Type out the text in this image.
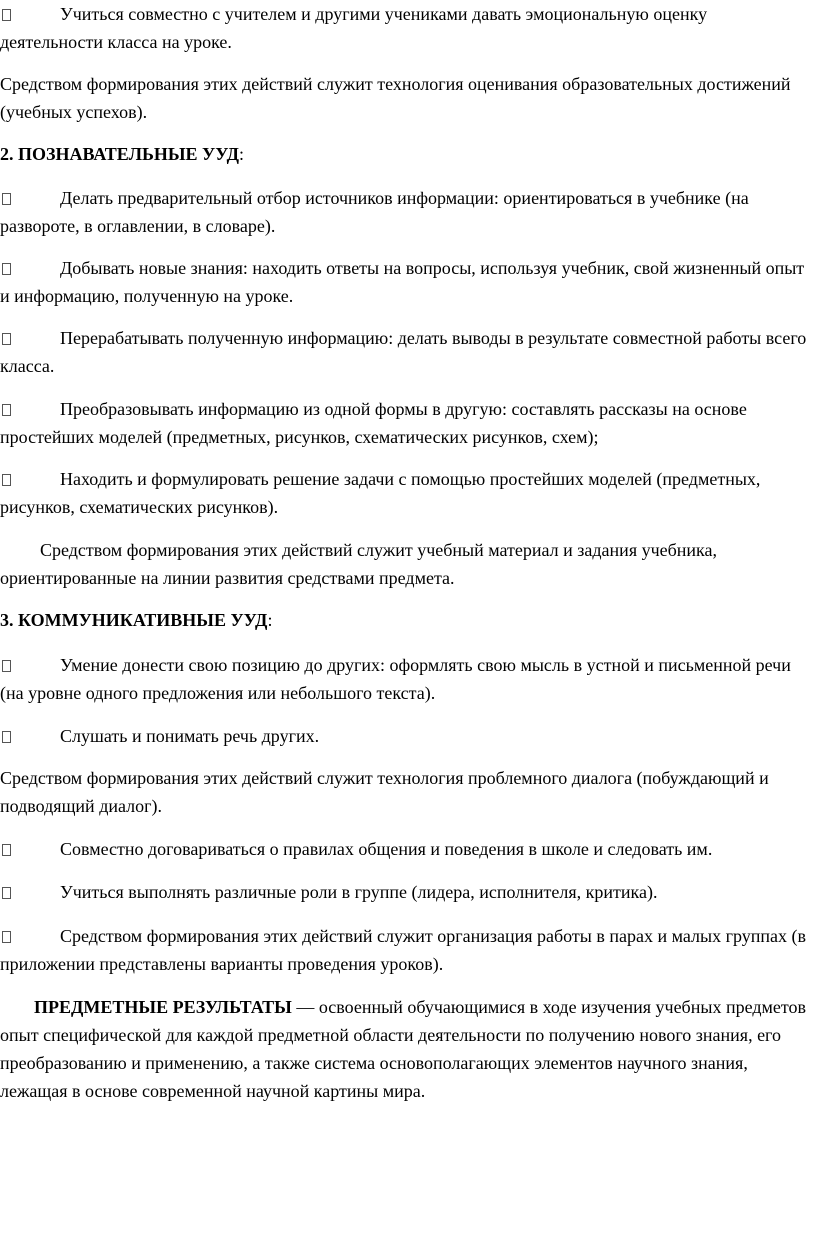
Учиться совместно с учителем и другими учениками давать эмоциональную оценку деятельности класса на уроке.

Средством формирования этих действий служит технология оценивания образовательных достижений (учебных успехов).

2. ПОЗНАВАТЕЛЬНЫЕ УУД:

Делать предварительный отбор источников информации: ориентироваться в учебнике (на развороте, в оглавлении, в словаре).

Добывать новые знания: находить ответы на вопросы, используя учебник, свой жизненный опыт и информацию, полученную на уроке.

Перерабатывать полученную информацию: делать выводы в результате совместной работы всего класса.

Преобразовывать информацию из одной формы в другую: составлять рассказы на основе простейших моделей (предметных, рисунков, схематических рисунков, схем);

Находить и формулировать решение задачи с помощью простейших моделей (предметных, рисунков, схематических рисунков).

Средством формирования этих действий служит учебный материал и задания учебника, ориентированные на линии развития средствами предмета.

3. КОММУНИКАТИВНЫЕ УУД:

Умение донести свою позицию до других: оформлять свою мысль в устной и письменной речи (на уровне одного предложения или небольшого текста).

Слушать и понимать речь других.

Средством формирования этих действий служит технология проблемного диалога (побуждающий и подводящий диалог).

Совместно договариваться о правилах общения и поведения в школе и следовать им.

Учиться выполнять различные роли в группе (лидера, исполнителя, критика).

Средством формирования этих действий служит организация работы в парах и малых группах (в приложении представлены варианты проведения уроков).

ПРЕДМЕТНЫЕ РЕЗУЛЬТАТЫ — освоенный обучающимися в ходе изучения учебных предметов опыт специфической для каждой предметной области деятельности по получению нового знания, его преобразованию и применению, а также система основополагающих элементов научного знания, лежащая в основе современной научной картины мира.
